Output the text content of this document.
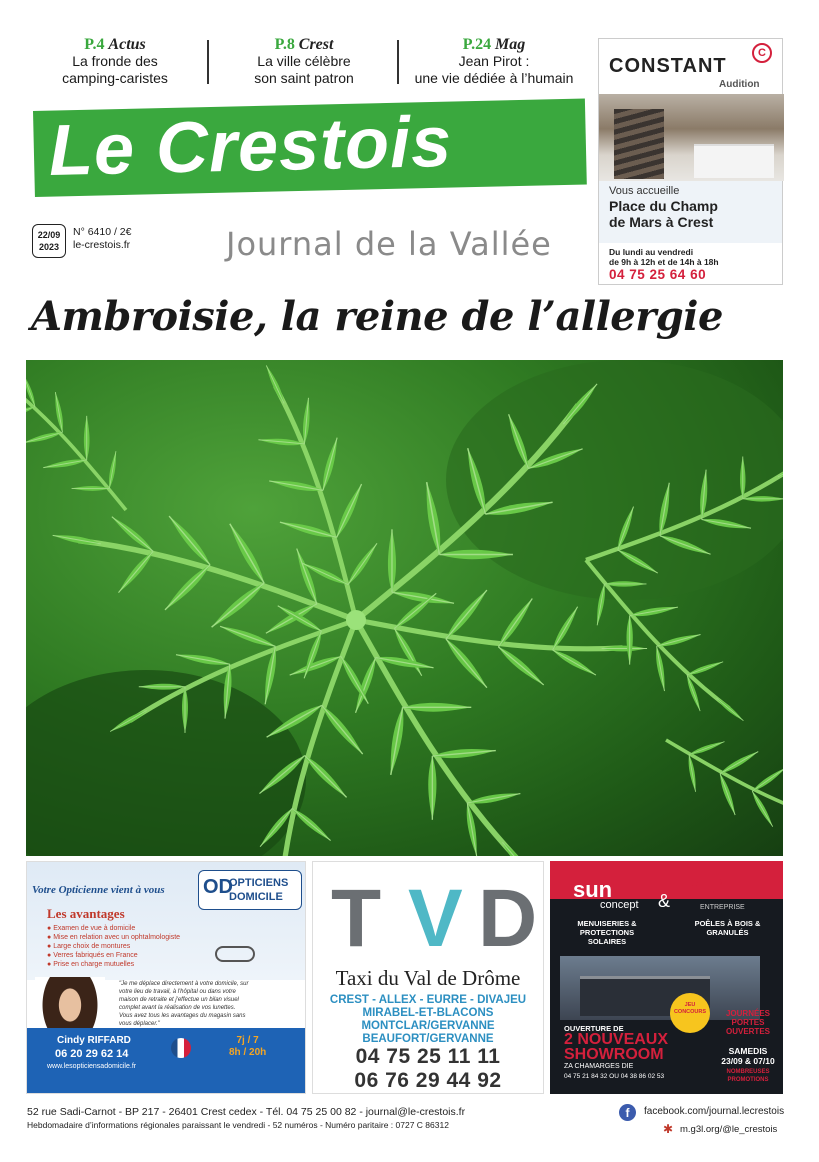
P.4 Actus
La fronde des
camping-caristes
P.8 Crest
La ville célèbre
son saint patron
P.24 Mag
Jean Pirot :
une vie dédiée à l’humain
Le Crestois
22/09
2023
N° 6410 / 2€
le-crestois.fr	Journal de la Vallée
CONSTANT
C
Audition
Vous accueille
Place du Champ
de Mars à Crest
Du lundi au vendredi
de 9h à 12h et de 14h à 18h
04 75 25 64 60
Ambroisie, la reine de l’allergie
Votre Opticienne vient à vous OD
OPTICIENS
DOMICILE
Les avantages
● Examen de vue à domicile
● Mise en relation avec un ophtalmologiste
● Large choix de montures
● Verres fabriqués en France
● Prise en charge mutuelles
"Je me déplace directement à votre domicile, sur votre lieu de travail, à l'hôpital ou dans votre maison de retraite et j'effectue un bilan visuel complet avant la réalisation de vos lunettes. Vous avez tous les avantages du magasin sans vous déplacer."
Cindy RIFFARD
06 20 29 62 14
www.lesopticiensadomicile.fr
7j / 7
8h / 20h
T V D
Taxi du Val de Drôme
CREST - ALLEX - EURRE - DIVAJEU
MIRABEL-ET-BLACONS
MONTCLAR/GERVANNE
BEAUFORT/GERVANNE
04 75 25 11 11
06 76 29 44 92
sun
concept & TM'
ENTREPRISE
MENUISERIES & PROTECTIONS SOLAIRES
POÊLES À BOIS & GRANULÉS
JEU CONCOURS
OUVERTURE DE
2 NOUVEAUX
SHOWROOM
ZA CHAMARGES DIE
04 75 21 84 32 OU 04 38 86 02 53
JOURNÉES PORTES OUVERTES
SAMEDIS
23/09 & 07/10
NOMBREUSES PROMOTIONS
52 rue Sadi-Carnot - BP 217 - 26401 Crest cedex - Tél. 04 75 25 00 82 - journal@le-crestois.fr
Hebdomadaire d’informations régionales paraissant le vendredi - 52 numéros - Numéro paritaire : 0727 C 86312
f	facebook.com/journal.lecrestois
✱ m.g3l.org/@le_crestois
